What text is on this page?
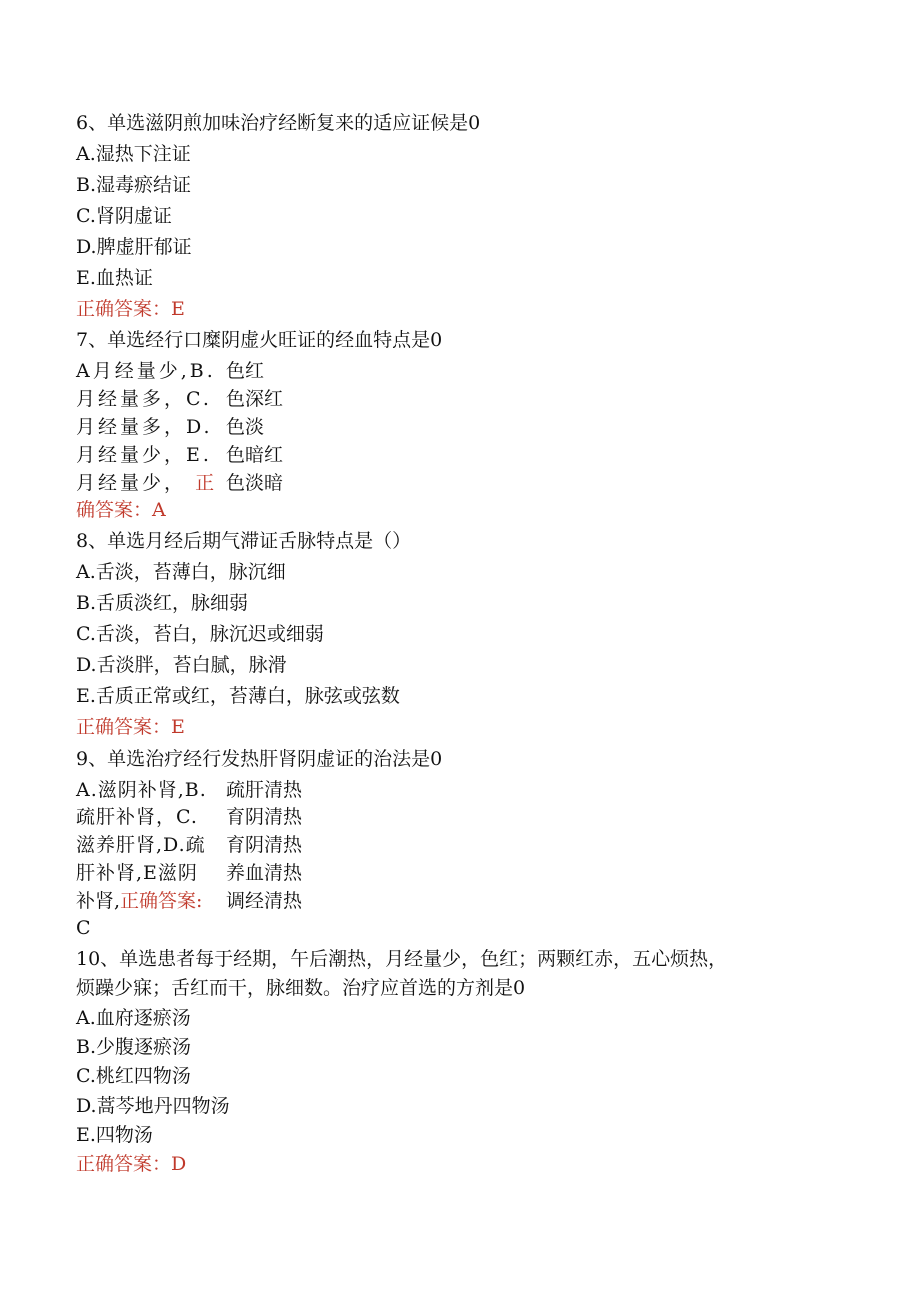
6、单选滋阴煎加味治疗经断复来的适应证候是0
A.湿热下注证
B.湿毒瘀结证
C.肾阴虚证
D.脾虚肝郁证
E.血热证
正确答案：E
7、单选经行口糜阴虚火旺证的经血特点是0
A月经量少,B. 色红
月经量多，C. 色深红
月经量多，D. 色淡
月经量少，E. 色暗红
月经量少， 正 色淡暗
确答案：A
8、单选月经后期气滞证舌脉特点是（）
A.舌淡，苔薄白，脉沉细
B.舌质淡红，脉细弱
C.舌淡，苔白，脉沉迟或细弱
D.舌淡胖，苔白腻，脉滑
E.舌质正常或红，苔薄白，脉弦或弦数
正确答案：E
9、单选治疗经行发热肝肾阴虚证的治法是0
A.滋阴补肾,B. 疏肝清热
疏肝补肾，C. 育阴清热
滋养肝肾,D.疏 育阴清热
肝补肾,E滋阴 养血清热
补肾,正确答案: 调经清热
C
10、单选患者每于经期，午后潮热，月经量少，色红；两颗红赤，五心烦热，
烦躁少寐；舌红而干，脉细数。治疗应首选的方剂是0
A.血府逐瘀汤
B.少腹逐瘀汤
C.桃红四物汤
D.蒿芩地丹四物汤
E.四物汤
正确答案：D
